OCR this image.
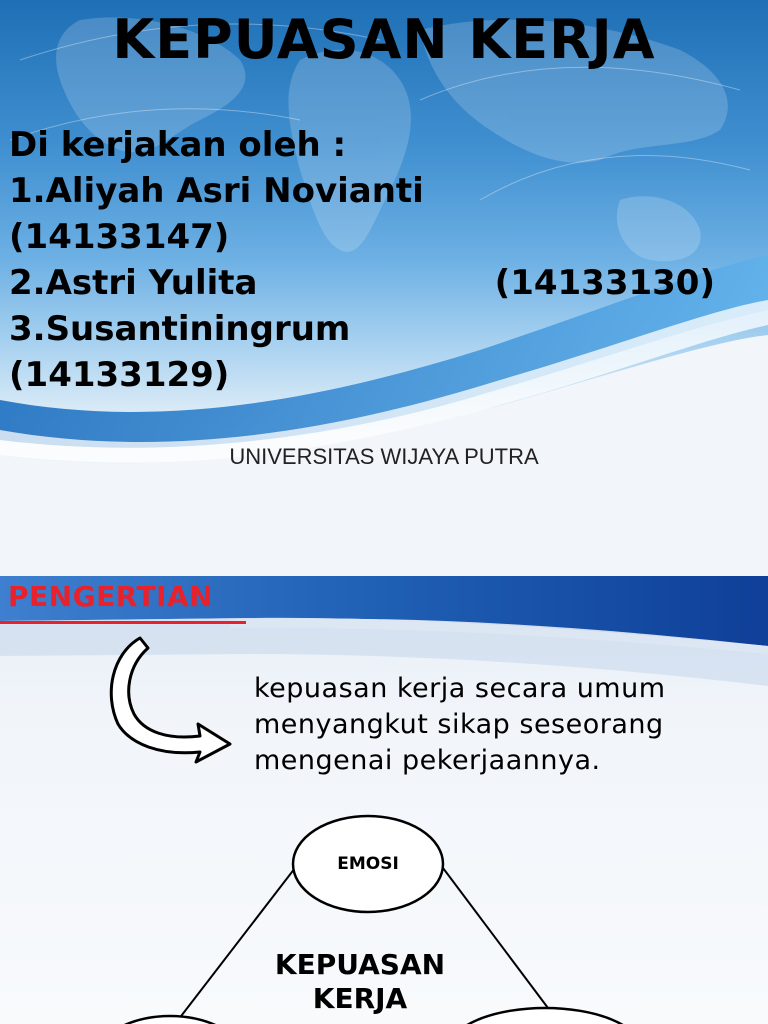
KEPUASAN KERJA
Di kerjakan oleh :
1.Aliyah Asri Novianti
(14133147)
2.Astri Yulita	(14133130)
3.Susantiningrum
(14133129)
UNIVERSITAS WIJAYA PUTRA
PENGERTIAN
kepuasan kerja secara umum
menyangkut sikap seseorang
mengenai pekerjaannya.
EMOSI
KEPUASAN
KERJA
